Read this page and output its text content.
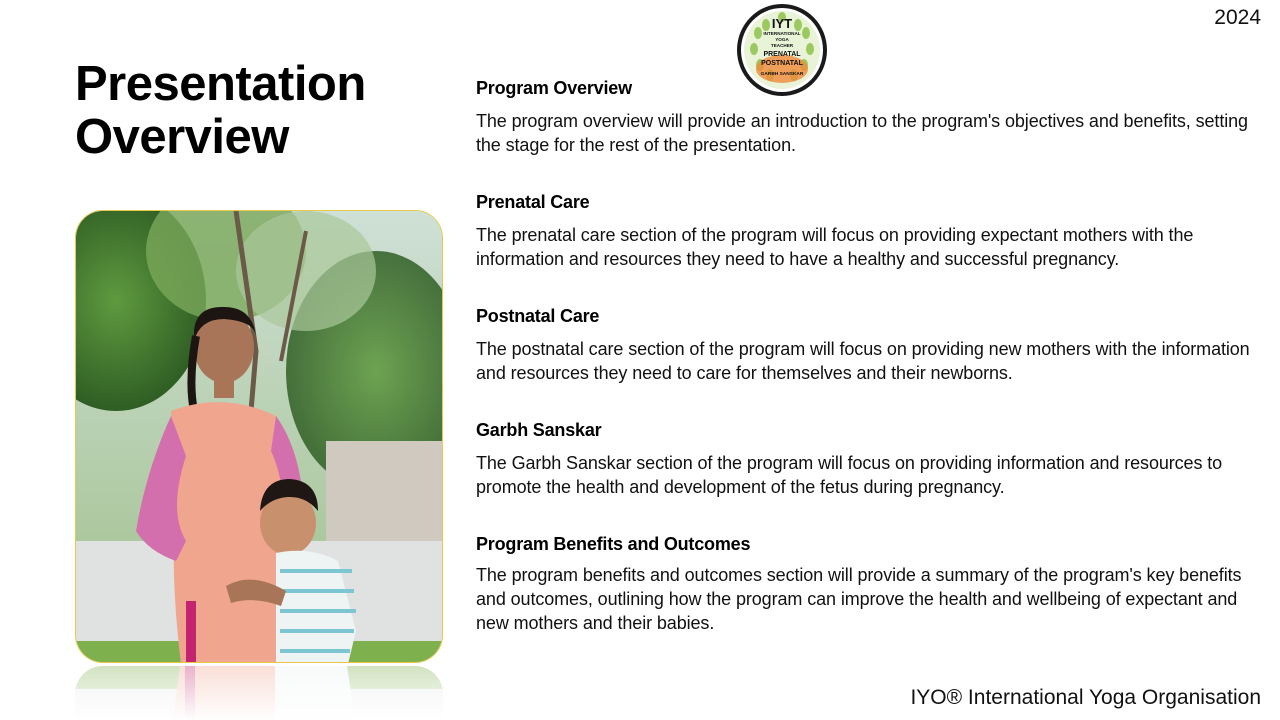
2024
Presentation
Overview
IYT
INTERNATIONAL
YOGA
TEACHER
PRENATAL
POSTNATAL
GARBH SANSKAR
Program Overview
The program overview will provide an introduction to the program's objectives and benefits, setting the stage for the rest of the presentation.
Prenatal Care
The prenatal care section of the program will focus on providing expectant mothers with the information and resources they need to have a healthy and successful pregnancy.
Postnatal Care
The postnatal care section of the program will focus on providing new mothers with the information and resources they need to care for themselves and their newborns.
Garbh Sanskar
The Garbh Sanskar section of the program will focus on providing information and resources to promote the health and development of the fetus during pregnancy.
Program Benefits and Outcomes
The program benefits and outcomes section will provide a summary of the program's key benefits and outcomes, outlining how the program can improve the health and wellbeing of expectant and new mothers and their babies.
IYO® International Yoga Organisation
